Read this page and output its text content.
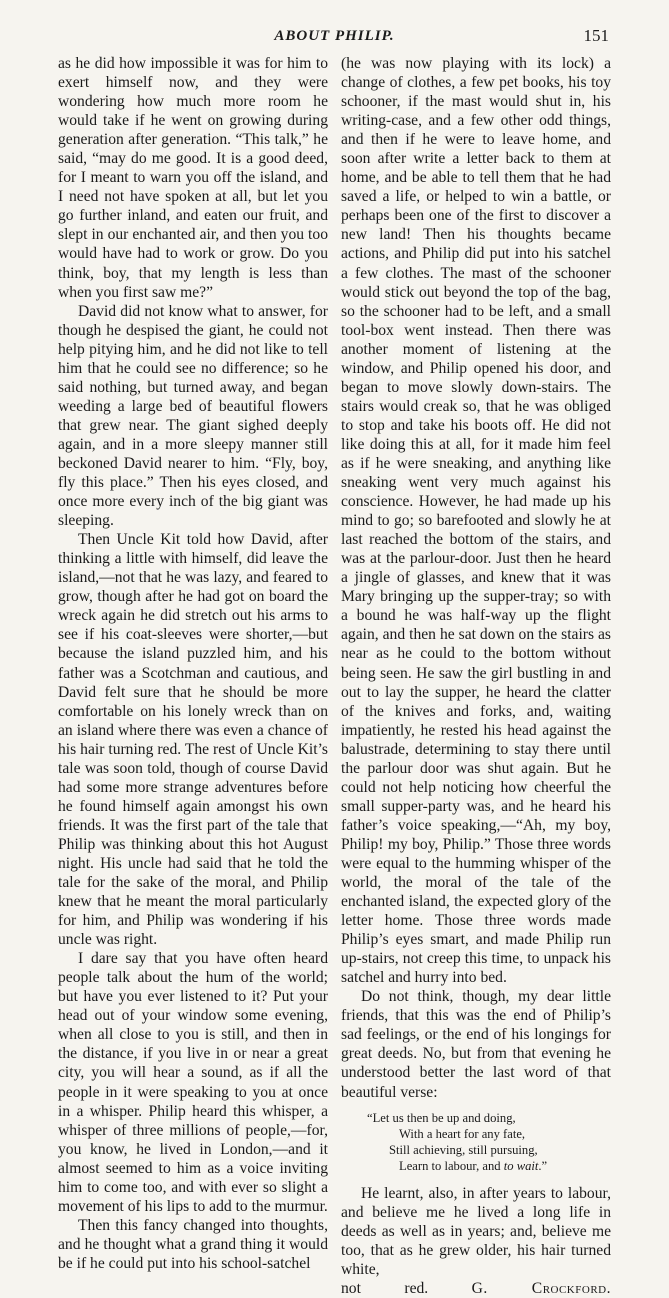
ABOUT PHILIP.	151

as he did how impossible it was for him to exert himself now, and they were wondering how much more room he would take if he went on growing during generation after generation. “This talk,” he said, “may do me good. It is a good deed, for I meant to warn you off the island, and I need not have spoken at all, but let you go further inland, and eaten our fruit, and slept in our enchanted air, and then you too would have had to work or grow. Do you think, boy, that my length is less than when you first saw me?”

David did not know what to answer, for though he despised the giant, he could not help pitying him, and he did not like to tell him that he could see no difference; so he said nothing, but turned away, and began weeding a large bed of beautiful flowers that grew near. The giant sighed deeply again, and in a more sleepy manner still beckoned David nearer to him. “Fly, boy, fly this place.” Then his eyes closed, and once more every inch of the big giant was sleeping.

Then Uncle Kit told how David, after thinking a little with himself, did leave the island,—not that he was lazy, and feared to grow, though after he had got on board the wreck again he did stretch out his arms to see if his coat-sleeves were shorter,—but because the island puzzled him, and his father was a Scotchman and cautious, and David felt sure that he should be more comfortable on his lonely wreck than on an island where there was even a chance of his hair turning red. The rest of Uncle Kit’s tale was soon told, though of course David had some more strange adventures before he found himself again amongst his own friends. It was the first part of the tale that Philip was thinking about this hot August night. His uncle had said that he told the tale for the sake of the moral, and Philip knew that he meant the moral particularly for him, and Philip was wondering if his uncle was right.

I dare say that you have often heard people talk about the hum of the world; but have you ever listened to it? Put your head out of your window some evening, when all close to you is still, and then in the distance, if you live in or near a great city, you will hear a sound, as if all the people in it were speaking to you at once in a whisper. Philip heard this whisper, a whisper of three millions of people,—for, you know, he lived in London,—and it almost seemed to him as a voice inviting him to come too, and with ever so slight a movement of his lips to add to the murmur.

Then this fancy changed into thoughts, and he thought what a grand thing it would be if he could put into his school-satchel

(he was now playing with its lock) a change of clothes, a few pet books, his toy schooner, if the mast would shut in, his writing-case, and a few other odd things, and then if he were to leave home, and soon after write a letter back to them at home, and be able to tell them that he had saved a life, or helped to win a battle, or perhaps been one of the first to discover a new land! Then his thoughts became actions, and Philip did put into his satchel a few clothes. The mast of the schooner would stick out beyond the top of the bag, so the schooner had to be left, and a small tool-box went instead. Then there was another moment of listening at the window, and Philip opened his door, and began to move slowly down-stairs. The stairs would creak so, that he was obliged to stop and take his boots off. He did not like doing this at all, for it made him feel as if he were sneaking, and anything like sneaking went very much against his conscience. However, he had made up his mind to go; so barefooted and slowly he at last reached the bottom of the stairs, and was at the parlour-door. Just then he heard a jingle of glasses, and knew that it was Mary bringing up the supper-tray; so with a bound he was half-way up the flight again, and then he sat down on the stairs as near as he could to the bottom without being seen. He saw the girl bustling in and out to lay the supper, he heard the clatter of the knives and forks, and, waiting impatiently, he rested his head against the balustrade, determining to stay there until the parlour door was shut again. But he could not help noticing how cheerful the small supper-party was, and he heard his father’s voice speaking,—“Ah, my boy, Philip! my boy, Philip.” Those three words were equal to the humming whisper of the world, the moral of the tale of the enchanted island, the expected glory of the letter home. Those three words made Philip’s eyes smart, and made Philip run up-stairs, not creep this time, to unpack his satchel and hurry into bed.

Do not think, though, my dear little friends, that this was the end of Philip’s sad feelings, or the end of his longings for great deeds. No, but from that evening he understood better the last word of that beautiful verse:

“Let us then be up and doing,
With a heart for any fate,
Still achieving, still pursuing,
Learn to labour, and to wait.”

He learnt, also, in after years to labour, and believe me he lived a long life in deeds as well as in years; and, believe me too, that as he grew older, his hair turned white,

not red.	G. Crockford.
